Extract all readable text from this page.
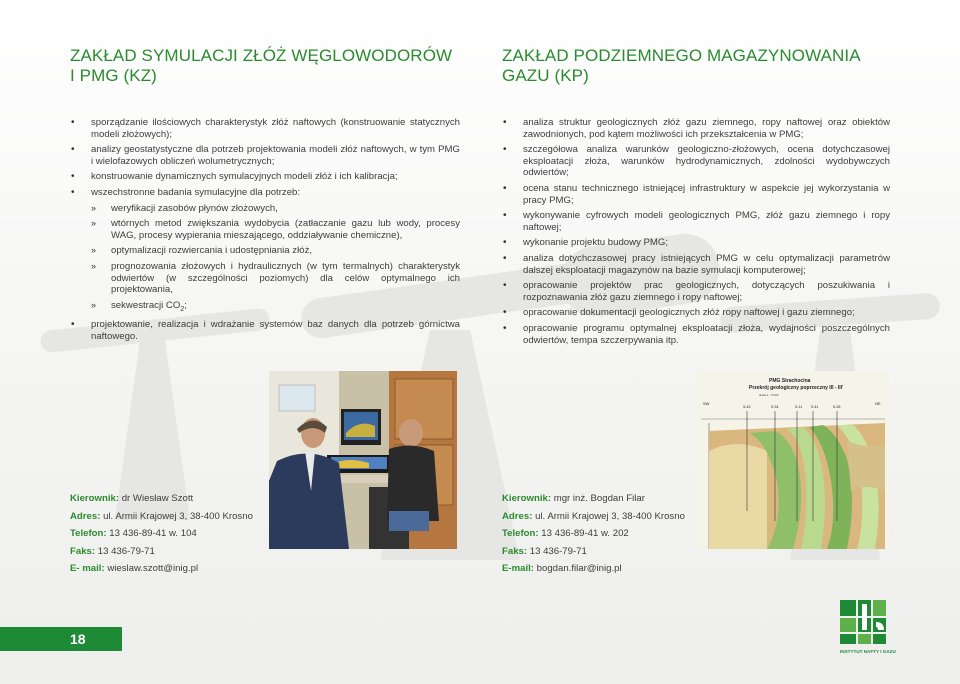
ZAKŁAD SYMULACJI ZŁÓŻ WĘGLOWODORÓW
I PMG (KZ)
• sporządzanie ilościowych charakterystyk złóż naftowych (konstruowanie statycznych modeli złożowych);
• analizy geostatystyczne dla potrzeb projektowania modeli złóż naftowych, w tym PMG i wielofazowych obliczeń wolumetrycznych;
• konstruowanie dynamicznych symulacyjnych modeli złóż i ich kalibracja;
• wszechstronne badania symulacyjne dla potrzeb:
» weryfikacji zasobów płynów złożowych,
» wtórnych metod zwiększania wydobycia (zatłaczanie gazu lub wody, procesy WAG, procesy wypierania mieszającego, oddziaływanie chemiczne),
» optymalizacji rozwiercania i udostępniania złóż,
» prognozowania złożowych i hydraulicznych (w tym termalnych) charakterystyk odwiertów (w szczególności poziomych) dla celów optymalnego ich projektowania,
» sekwestracji $CO_2$;
• projektowanie, realizacja i wdrażanie systemów baz danych dla potrzeb górnictwa naftowego.
ZAKŁAD PODZIEMNEGO MAGAZYNOWANIA GAZU (KP)
• analiza struktur geologicznych złóż gazu ziemnego, ropy naftowej oraz obiektów zawodnionych, pod kątem możliwości ich przekształcenia w PMG;
• szczegółowa analiza warunków geologiczno-złożowych, ocena dotychczasowej eksploatacji złoża, warunków hydrodynamicznych, zdolności wydobywczych odwiertów;
• ocena stanu technicznego istniejącej infrastruktury w aspekcie jej wykorzystania w pracy PMG;
• wykonywanie cyfrowych modeli geologicznych PMG, złóż gazu ziemnego i ropy naftowej;
• wykonanie projektu budowy PMG;
• analiza dotychczasowej pracy istniejących PMG w celu optymalizacji parametrów dalszej eksploatacji magazynów na bazie symulacji komputerowej;
• opracowanie projektów prac geologicznych, dotyczących poszukiwania i rozpoznawania złóż gazu ziemnego i ropy naftowej;
• opracowanie dokumentacji geologicznych złóż ropy naftowej i gazu ziemnego;
• opracowanie programu optymalnej eksploatacji złoża, wydajności poszczególnych odwiertów, tempa szczerpywania itp.
PMG Strachocina
Przekrój geologiczny poprzeczny III - III'
skala 1 : 5 000
SW	NE
S-43	S-34	S-11	S-41	S-26
Kierownik: dr Wiesław Szott
Adres: ul. Armii Krajowej 3, 38-400 Krosno
Telefon: 13 436-89-41 w. 104
Faks: 13 436-79-71
E- mail: wieslaw.szott@inig.pl
Kierownik: mgr inż. Bogdan Filar
Adres: ul. Armii Krajowej 3, 38-400 Krosno
Telefon: 13 436-89-41 w. 202
Faks: 13 436-79-71
E-mail: bogdan.filar@inig.pl
18
INSTYTUT NAFTY I GAZU
